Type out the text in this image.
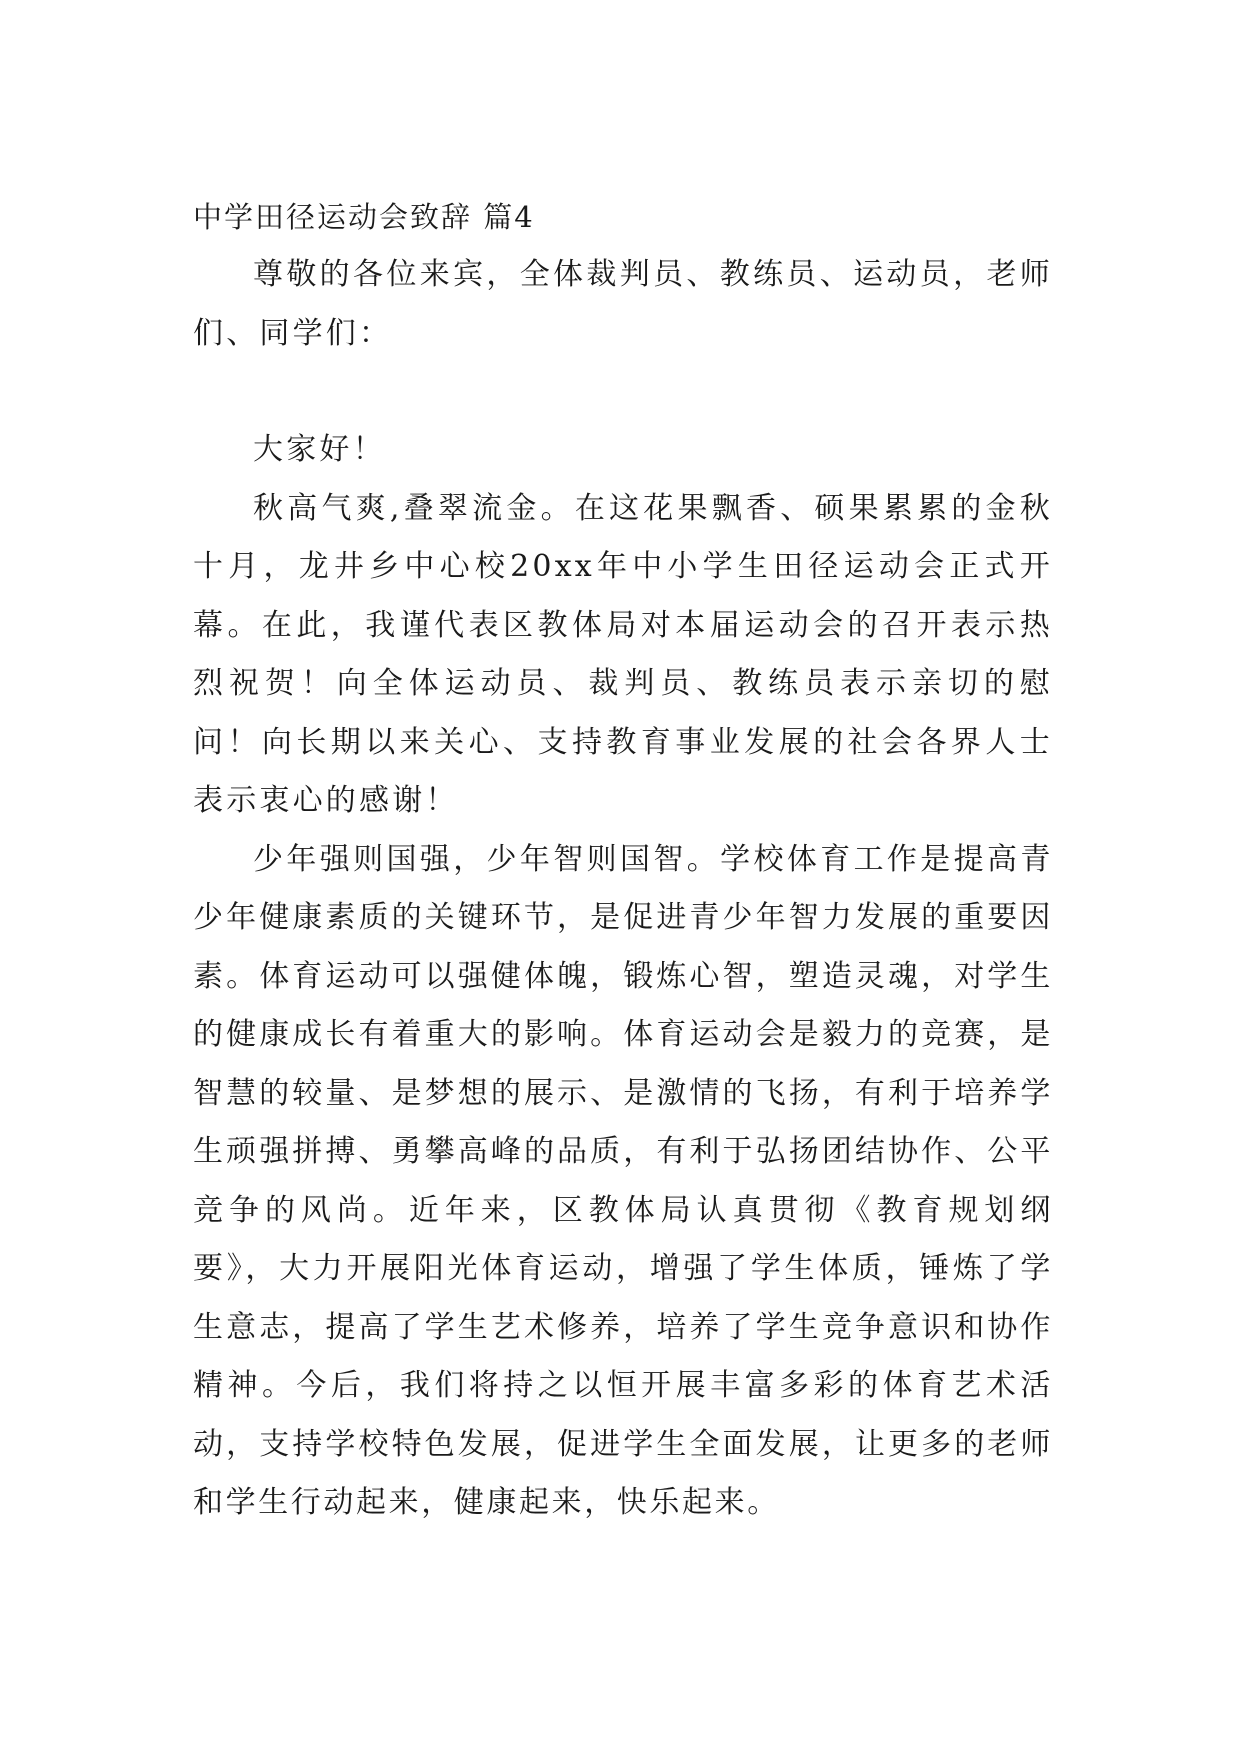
中学田径运动会致辞 篇4

尊敬的各位来宾，全体裁判员、教练员、运动员，老师们、同学们：

大家好！

秋高气爽,叠翠流金。在这花果飘香、硕果累累的金秋十月，龙井乡中心校20xx年中小学生田径运动会正式开幕。在此，我谨代表区教体局对本届运动会的召开表示热烈祝贺！向全体运动员、裁判员、教练员表示亲切的慰问！向长期以来关心、支持教育事业发展的社会各界人士表示衷心的感谢！

少年强则国强，少年智则国智。学校体育工作是提高青少年健康素质的关键环节，是促进青少年智力发展的重要因素。体育运动可以强健体魄，锻炼心智，塑造灵魂，对学生的健康成长有着重大的影响。体育运动会是毅力的竞赛，是智慧的较量、是梦想的展示、是激情的飞扬，有利于培养学生顽强拼搏、勇攀高峰的品质，有利于弘扬团结协作、公平竞争的风尚。近年来，区教体局认真贯彻《教育规划纲要》，大力开展阳光体育运动，增强了学生体质，锤炼了学生意志，提高了学生艺术修养，培养了学生竞争意识和协作精神。今后，我们将持之以恒开展丰富多彩的体育艺术活动，支持学校特色发展，促进学生全面发展，让更多的老师和学生行动起来，健康起来，快乐起来。
